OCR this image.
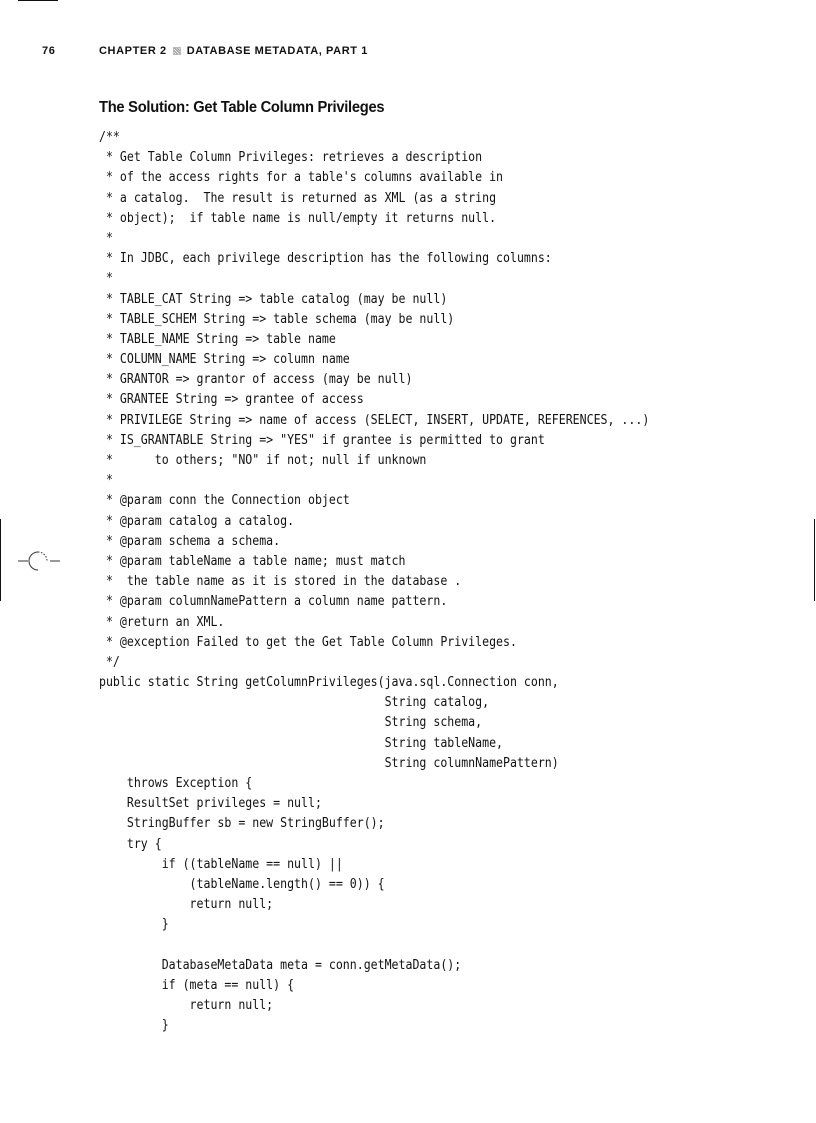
76	CHAPTER 2 DATABASE METADATA, PART 1
The Solution: Get Table Column Privileges
/**
* Get Table Column Privileges: retrieves a description
* of the access rights for a table's columns available in
* a catalog.  The result is returned as XML (as a string
* object);  if table name is null/empty it returns null.
*
* In JDBC, each privilege description has the following columns:
*
* TABLE_CAT String => table catalog (may be null)
* TABLE_SCHEM String => table schema (may be null)
* TABLE_NAME String => table name
* COLUMN_NAME String => column name
* GRANTOR => grantor of access (may be null)
* GRANTEE String => grantee of access
* PRIVILEGE String => name of access (SELECT, INSERT, UPDATE, REFERENCES, ...)
* IS_GRANTABLE String => "YES" if grantee is permitted to grant
*      to others; "NO" if not; null if unknown
*
* @param conn the Connection object
* @param catalog a catalog.
* @param schema a schema.
* @param tableName a table name; must match
*  the table name as it is stored in the database .
* @param columnNamePattern a column name pattern.
* @return an XML.
* @exception Failed to get the Get Table Column Privileges.
*/
public static String getColumnPrivileges(java.sql.Connection conn,
String catalog,
String schema,
String tableName,
String columnNamePattern)
throws Exception {
ResultSet privileges = null;
StringBuffer sb = new StringBuffer();
try {
if ((tableName == null) ||
(tableName.length() == 0)) {
return null;
}
DatabaseMetaData meta = conn.getMetaData();
if (meta == null) {
return null;
}
